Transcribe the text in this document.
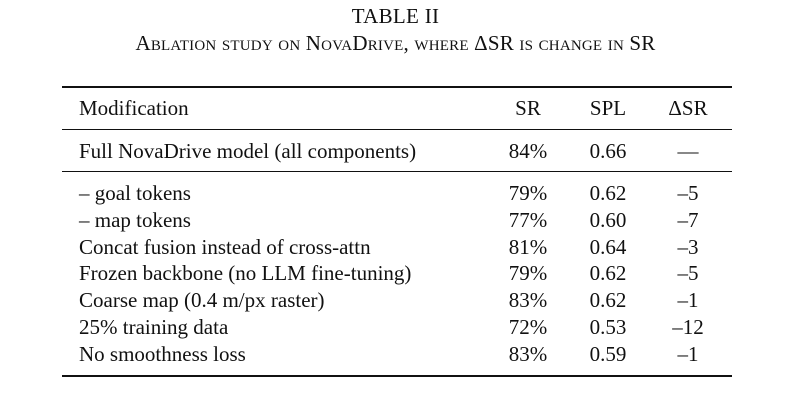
TABLE II
Ablation study on NovaDrive, where ΔSR is change in SR
Modification	SR	SPL	ΔSR
Full NovaDrive model (all components)	84%	0.66	—
– goal tokens	79%	0.62	–5
– map tokens	77%	0.60	–7
Concat fusion instead of cross-attn	81%	0.64	–3
Frozen backbone (no LLM fine-tuning)	79%	0.62	–5
Coarse map (0.4 m/px raster)	83%	0.62	–1
25% training data	72%	0.53	–12
No smoothness loss	83%	0.59	–1
